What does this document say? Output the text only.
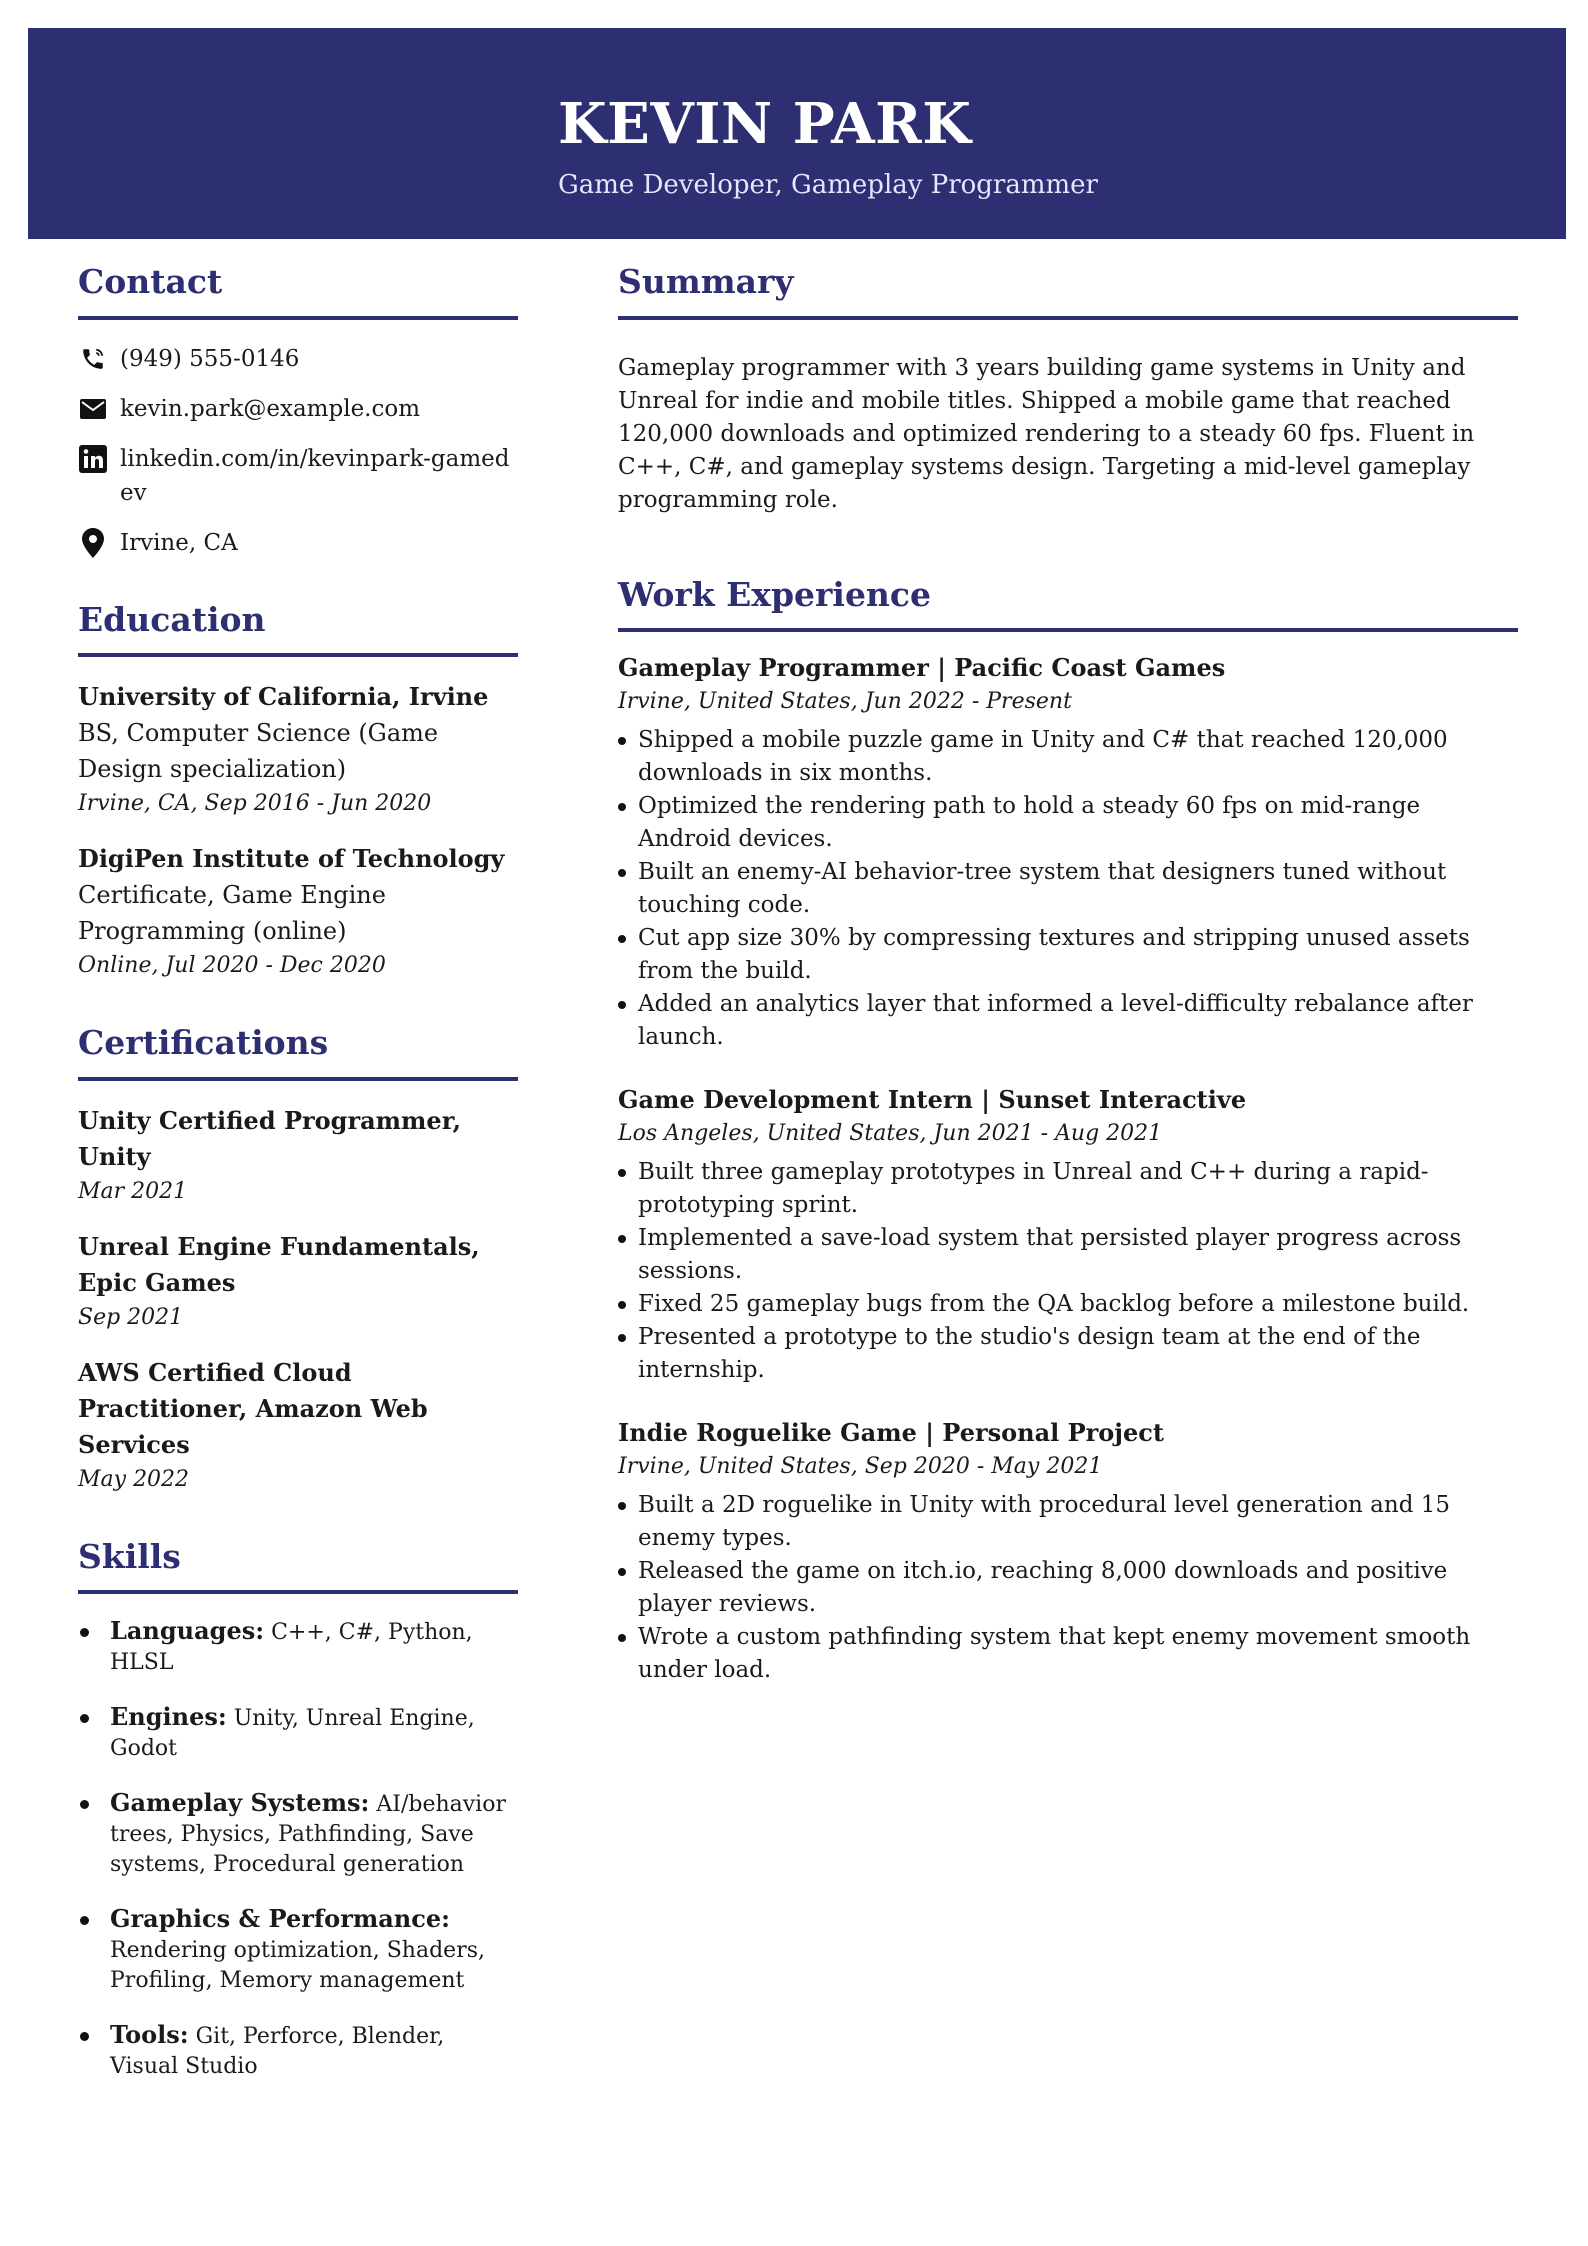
KEVIN PARK
Game Developer, Gameplay Programmer
Contact
(949) 555-0146
kevin.park@example.com
linkedin.com/in/kevinpark-gamedev
Irvine, CA
Education
University of California, Irvine
BS, Computer Science (Game Design specialization)
Irvine, CA, Sep 2016 - Jun 2020
DigiPen Institute of Technology
Certificate, Game Engine Programming (online)
Online, Jul 2020 - Dec 2020
Certifications
Unity Certified Programmer, Unity
Mar 2021
Unreal Engine Fundamentals, Epic Games
Sep 2021
AWS Certified Cloud Practitioner, Amazon Web Services
May 2022
Skills
Languages: C++, C#, Python, HLSL
Engines: Unity, Unreal Engine, Godot
Gameplay Systems: AI/behavior trees, Physics, Pathfinding, Save systems, Procedural generation
Graphics & Performance: Rendering optimization, Shaders, Profiling, Memory management
Tools: Git, Perforce, Blender, Visual Studio
Summary

Gameplay programmer with 3 years building game systems in Unity and Unreal for indie and mobile titles. Shipped a mobile game that reached 120,000 downloads and optimized rendering to a steady 60 fps. Fluent in C++, C#, and gameplay systems design. Targeting a mid-level gameplay programming role.

Work Experience
Gameplay Programmer | Pacific Coast Games
Irvine, United States, Jun 2022 - Present
Shipped a mobile puzzle game in Unity and C# that reached 120,000 downloads in six months.
Optimized the rendering path to hold a steady 60 fps on mid-range Android devices.
Built an enemy-AI behavior-tree system that designers tuned without touching code.
Cut app size 30% by compressing textures and stripping unused assets from the build.
Added an analytics layer that informed a level-difficulty rebalance after launch.
Game Development Intern | Sunset Interactive
Los Angeles, United States, Jun 2021 - Aug 2021
Built three gameplay prototypes in Unreal and C++ during a rapid-prototyping sprint.
Implemented a save-load system that persisted player progress across sessions.
Fixed 25 gameplay bugs from the QA backlog before a milestone build.
Presented a prototype to the studio's design team at the end of the internship.
Indie Roguelike Game | Personal Project
Irvine, United States, Sep 2020 - May 2021
Built a 2D roguelike in Unity with procedural level generation and 15 enemy types.
Released the game on itch.io, reaching 8,000 downloads and positive player reviews.
Wrote a custom pathfinding system that kept enemy movement smooth under load.
